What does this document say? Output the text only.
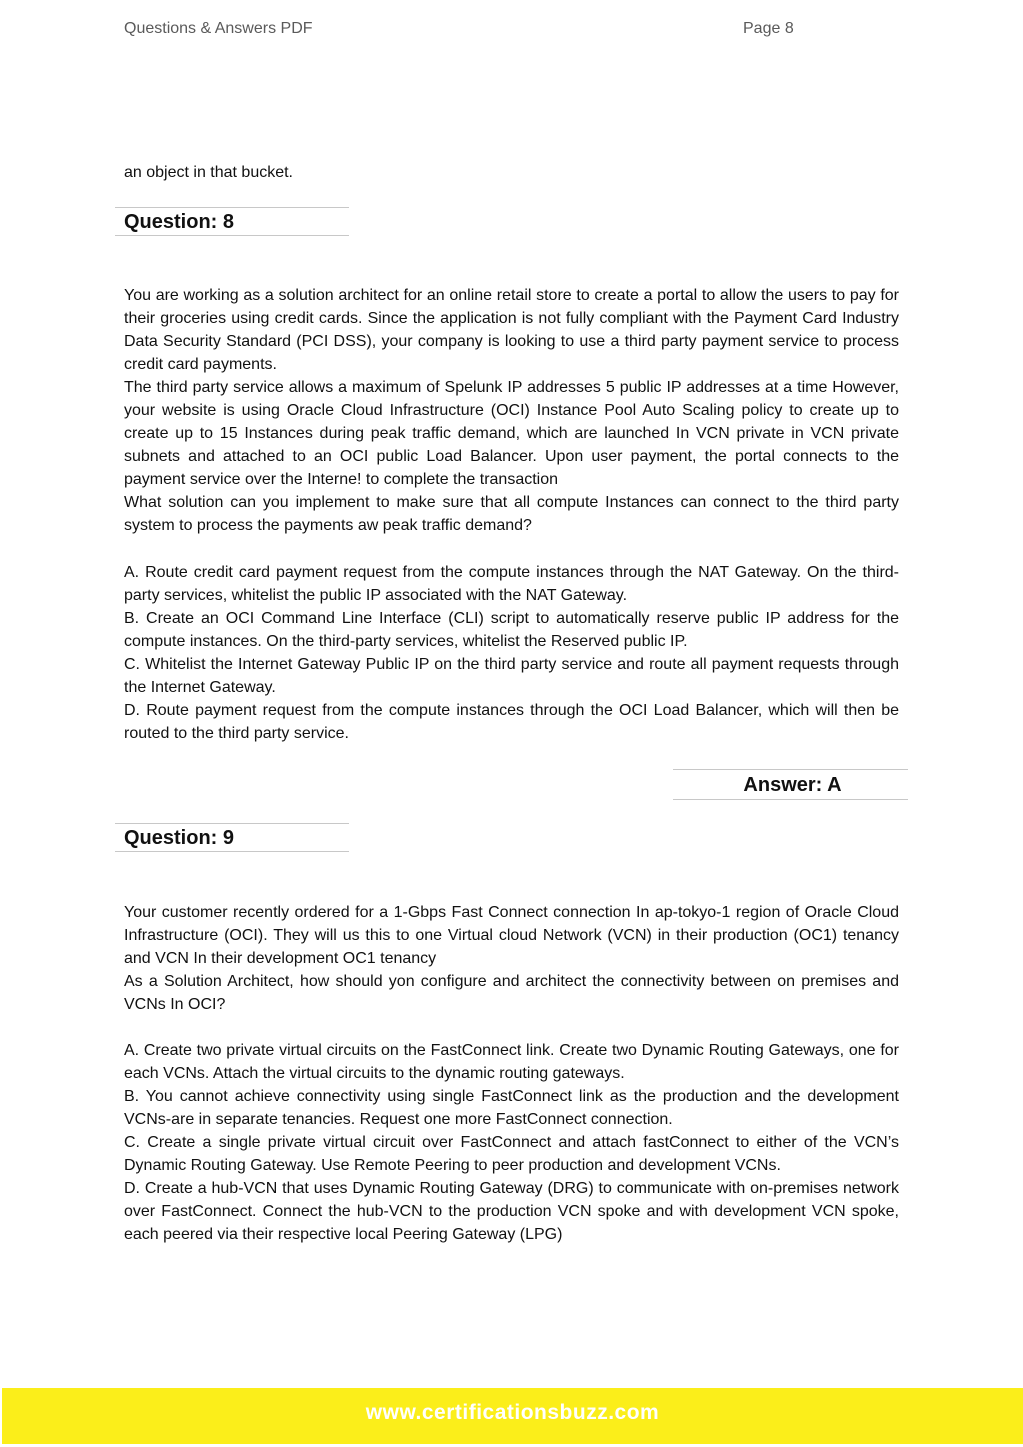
Questions & Answers PDF	Page 8

an object in that bucket.

Question: 8

You are working as a solution architect for an online retail store to create a portal to allow the users to pay for their groceries using credit cards. Since the application is not fully compliant with the Payment Card Industry Data Security Standard (PCI DSS), your company is looking to use a third party payment service to process credit card payments.

The third party service allows a maximum of Spelunk IP addresses 5 public IP addresses at a time However, your website is using Oracle Cloud Infrastructure (OCI) Instance Pool Auto Scaling policy to create up to create up to 15 Instances during peak traffic demand, which are launched In VCN private in VCN private subnets and attached to an OCI public Load Balancer. Upon user payment, the portal connects to the payment service over the Interne! to complete the transaction

What solution can you implement to make sure that all compute Instances can connect to the third party system to process the payments aw peak traffic demand?

A. Route credit card payment request from the compute instances through the NAT Gateway. On the third-party services, whitelist the public IP associated with the NAT Gateway.

B. Create an OCI Command Line Interface (CLI) script to automatically reserve public IP address for the compute instances. On the third-party services, whitelist the Reserved public IP.

C. Whitelist the Internet Gateway Public IP on the third party service and route all payment requests through the Internet Gateway.

D. Route payment request from the compute instances through the OCI Load Balancer, which will then be routed to the third party service.

Answer: A
Question: 9

Your customer recently ordered for a 1-Gbps Fast Connect connection In ap-tokyo-1 region of Oracle Cloud Infrastructure (OCI). They will us this to one Virtual cloud Network (VCN) in their production (OC1) tenancy and VCN In their development OC1 tenancy

As a Solution Architect, how should yon configure and architect the connectivity between on premises and VCNs In OCI?

A. Create two private virtual circuits on the FastConnect link. Create two Dynamic Routing Gateways, one for each VCNs. Attach the virtual circuits to the dynamic routing gateways.

B. You cannot achieve connectivity using single FastConnect link as the production and the development VCNs-are in separate tenancies. Request one more FastConnect connection.

C. Create a single private virtual circuit over FastConnect and attach fastConnect to either of the VCN’s Dynamic Routing Gateway. Use Remote Peering to peer production and development VCNs.

D. Create a hub-VCN that uses Dynamic Routing Gateway (DRG) to communicate with on-premises network over FastConnect. Connect the hub-VCN to the production VCN spoke and with development VCN spoke, each peered via their respective local Peering Gateway (LPG)

www.certificationsbuzz.com
